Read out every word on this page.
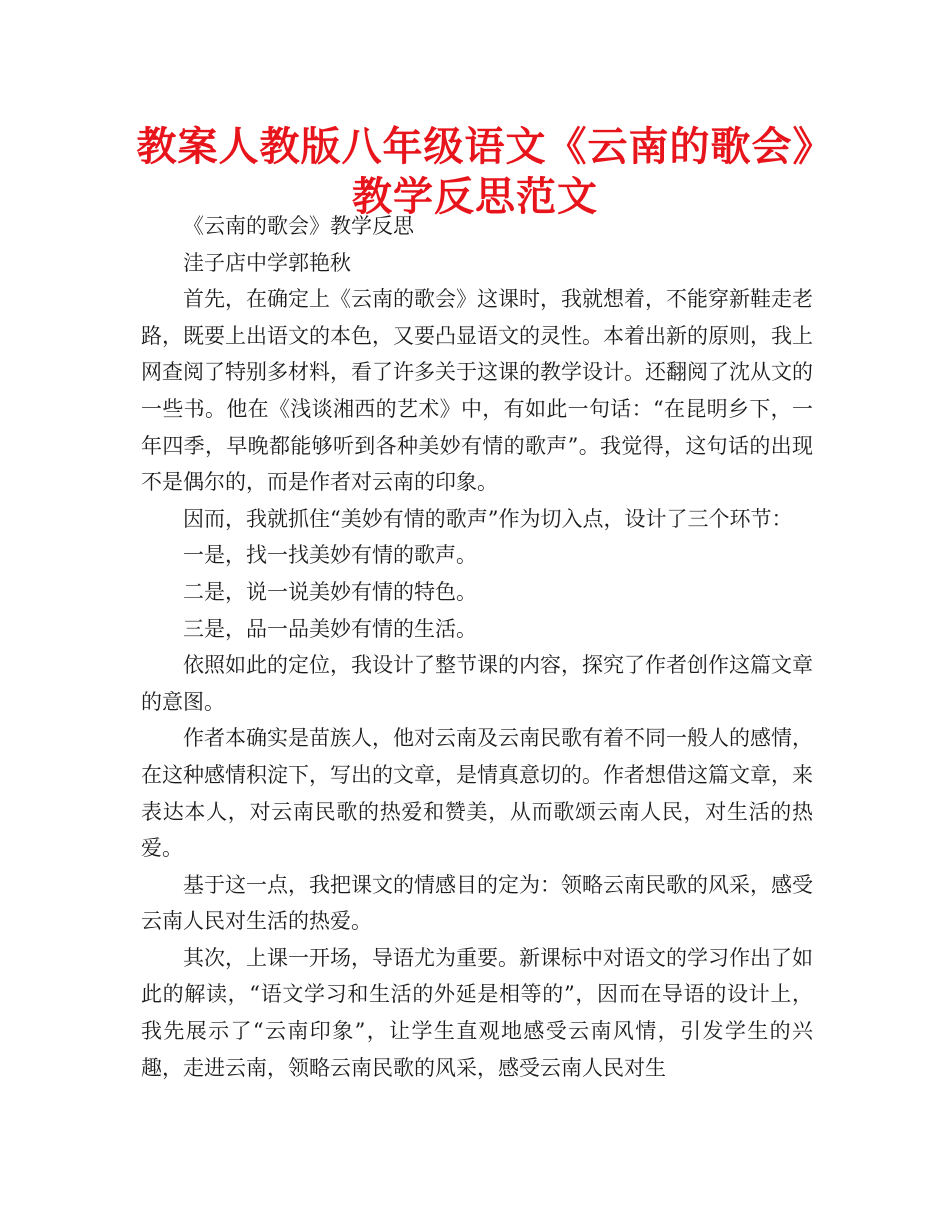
教案人教版八年级语文《云南的歌会》教学反思范文

《云南的歌会》教学反思

洼子店中学郭艳秋

首先，在确定上《云南的歌会》这课时，我就想着，不能穿新鞋走老路，既要上出语文的本色，又要凸显语文的灵性。本着出新的原则，我上网查阅了特别多材料，看了许多关于这课的教学设计。还翻阅了沈从文的一些书。他在《浅谈湘西的艺术》中，有如此一句话：“在昆明乡下，一年四季，早晚都能够听到各种美妙有情的歌声”。我觉得，这句话的出现不是偶尔的，而是作者对云南的印象。

因而，我就抓住“美妙有情的歌声”作为切入点，设计了三个环节：

一是，找一找美妙有情的歌声。

二是，说一说美妙有情的特色。

三是，品一品美妙有情的生活。

依照如此的定位，我设计了整节课的内容，探究了作者创作这篇文章的意图。

作者本确实是苗族人，他对云南及云南民歌有着不同一般人的感情，在这种感情积淀下，写出的文章，是情真意切的。作者想借这篇文章，来表达本人，对云南民歌的热爱和赞美，从而歌颂云南人民，对生活的热爱。

基于这一点，我把课文的情感目的定为：领略云南民歌的风采，感受云南人民对生活的热爱。

其次，上课一开场，导语尤为重要。新课标中对语文的学习作出了如此的解读，“语文学习和生活的外延是相等的”，因而在导语的设计上，我先展示了“云南印象”，让学生直观地感受云南风情，引发学生的兴趣，走进云南，领略云南民歌的风采，感受云南人民对生
